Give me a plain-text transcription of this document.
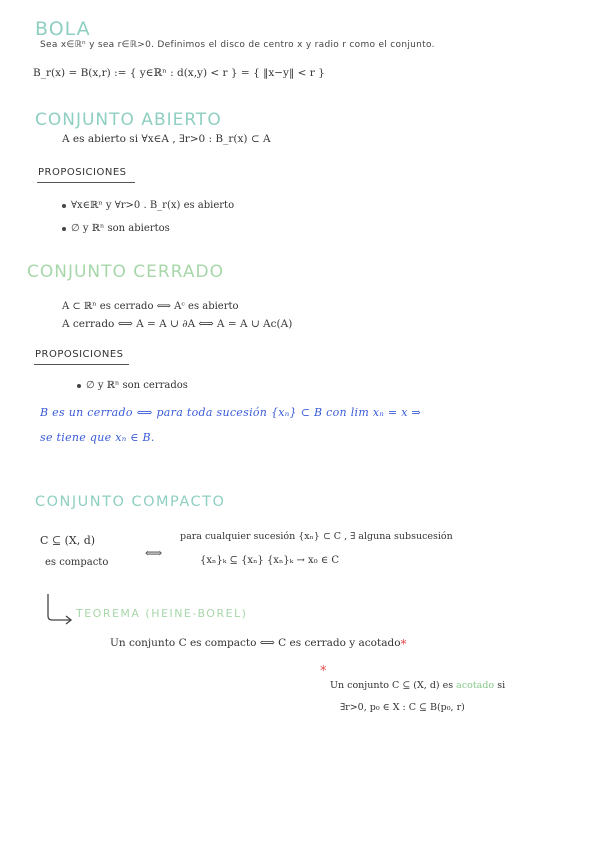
BOLA
Sea x∈ℝⁿ y sea r∈ℝ>0. Definimos el disco de centro x y radio r como el conjunto.
B_r(x) = B(x,r) := { y∈ℝⁿ : d(x,y) < r } = { ‖x−y‖ < r }
CONJUNTO ABIERTO
A es abierto si ∀x∈A , ∃r>0 : B_r(x) ⊂ A
PROPOSICIONES
∀x∈ℝⁿ y ∀r>0 . B_r(x) es abierto
∅ y ℝⁿ son abiertos
CONJUNTO CERRADO
A ⊂ ℝⁿ es cerrado ⟺ Aᶜ es abierto
A cerrado ⟺ A = A ∪ ∂A ⟺ A = A ∪ Ac(A)
PROPOSICIONES
∅ y ℝⁿ son cerrados
B es un cerrado ⟺ para toda sucesión {xₙ} ⊂ B con lim xₙ = x ⇒
se tiene que xₙ ∈ B.
CONJUNTO COMPACTO
C ⊆ (X, d)
es compacto
⟺
para cualquier sucesión {xₙ} ⊂ C , ∃ alguna subsucesión
{xₙ}ₖ ⊆ {xₙ} {xₙ}ₖ → x₀ ∈ C
TEOREMA (HEINE-BOREL)
Un conjunto C es compacto ⟺ C es cerrado y acotado*
*
Un conjunto C ⊆ (X, d) es acotado si
∃r>0, p₀ ∈ X : C ⊆ B(p₀, r)
